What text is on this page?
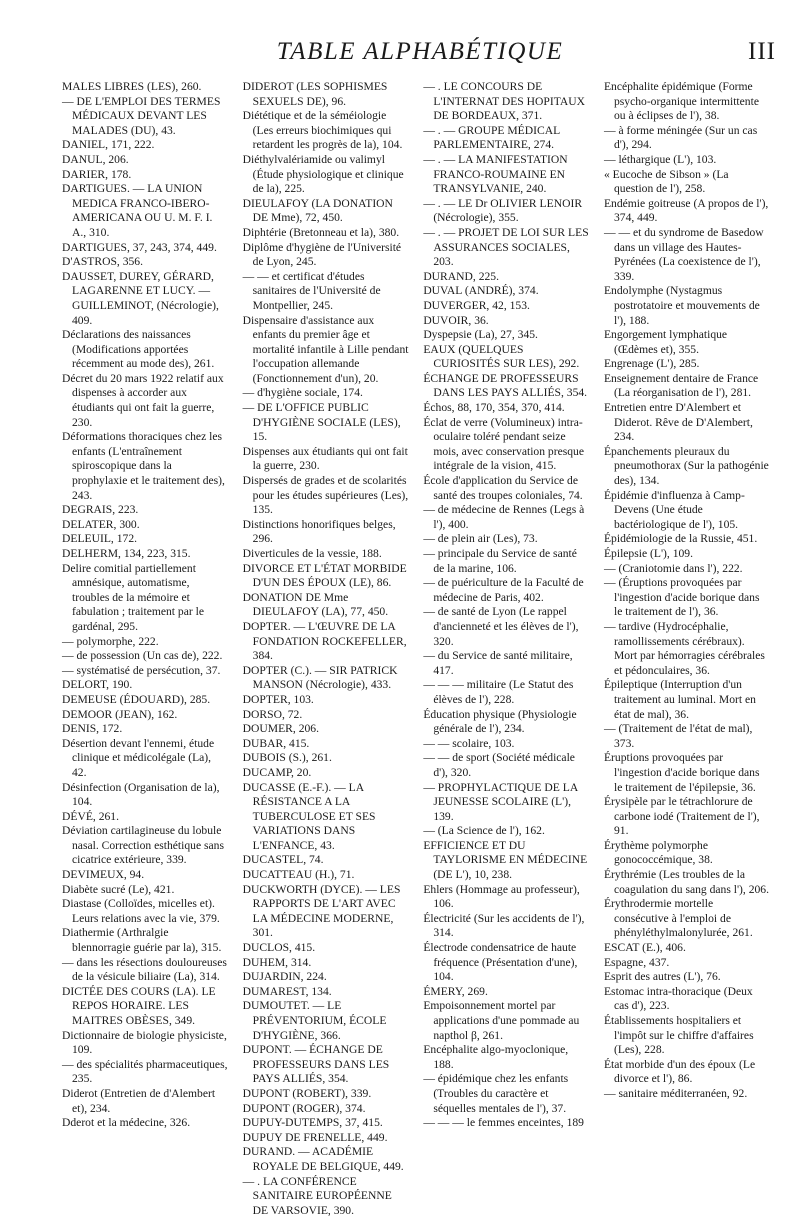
TABLE ALPHABÉTIQUE	III

MALES LIBRES (LES), 260.

— DE L'EMPLOI DES TERMES MÉDICAUX DEVANT LES MALADES (DU), 43.

DANIEL, 171, 222.

DANUL, 206.

DARIER, 178.

DARTIGUES. — LA UNION MEDICA FRANCO-IBERO-AMERICANA OU U. M. F. I. A., 310.

DARTIGUES, 37, 243, 374, 449.

D'ASTROS, 356.

DAUSSET, DUREY, GÉRARD, LAGARENNE ET LUCY. — GUILLEMINOT, (Nécrologie), 409.

Déclarations des naissances (Modifications apportées récemment au mode des), 261.

Décret du 20 mars 1922 relatif aux dispenses à accorder aux étudiants qui ont fait la guerre, 230.

Déformations thoraciques chez les enfants (L'entraînement spiroscopique dans la prophylaxie et le traitement des), 243.

DEGRAIS, 223.

DELATER, 300.

DELEUIL, 172.

DELHERM, 134, 223, 315.

Delire comitial partiellement amnésique, automatisme, troubles de la mémoire et fabulation ; traitement par le gardénal, 295.

— polymorphe, 222.

— de possession (Un cas de), 222.

— systématisé de persécution, 37.

DELORT, 190.

DEMEUSE (ÉDOUARD), 285.

DEMOOR (JEAN), 162.

DENIS, 172.

Désertion devant l'ennemi, étude clinique et médicolégale (La), 42.

Désinfection (Organisation de la), 104.

DÉVÉ, 261.

Déviation cartilagineuse du lobule nasal. Correction esthétique sans cicatrice extérieure, 339.

DEVIMEUX, 94.

Diabète sucré (Le), 421.

Diastase (Colloïdes, micelles et). Leurs relations avec la vie, 379.

Diathermie (Arthralgie blennorragie guérie par la), 315.

— dans les résections douloureuses de la vésicule biliaire (La), 314.

DICTÉE DES COURS (LA). LE REPOS HORAIRE. LES MAITRES OBÈSES, 349.

Dictionnaire de biologie physiciste, 109.

— des spécialités pharmaceutiques, 235.

Diderot (Entretien de d'Alembert et), 234.

Dderot et la médecine, 326.

DIDEROT (LES SOPHISMES SEXUELS DE), 96.

Diététique et de la séméiologie (Les erreurs biochimiques qui retardent les progrès de la), 104.

Diéthylvalériamide ou valimyl (Étude physiologique et clinique de la), 225.

DIEULAFOY (LA DONATION DE Mme), 72, 450.

Diphtérie (Bretonneau et la), 380.

Diplôme d'hygiène de l'Université de Lyon, 245.

— — et certificat d'études sanitaires de l'Université de Montpellier, 245.

Dispensaire d'assistance aux enfants du premier âge et mortalité infantile à Lille pendant l'occupation allemande (Fonctionnement d'un), 20.

— d'hygiène sociale, 174.

— DE L'OFFICE PUBLIC D'HYGIÈNE SOCIALE (LES), 15.

Dispenses aux étudiants qui ont fait la guerre, 230.

Dispersés de grades et de scolarités pour les études supérieures (Les), 135.

Distinctions honorifiques belges, 296.

Diverticules de la vessie, 188.

DIVORCE ET L'ÉTAT MORBIDE D'UN DES ÉPOUX (LE), 86.

DONATION DE Mme DIEULAFOY (LA), 77, 450.

DOPTER. — L'ŒUVRE DE LA FONDATION ROCKEFELLER, 384.

DOPTER (C.). — SIR PATRICK MANSON (Nécrologie), 433.

DOPTER, 103.

DORSO, 72.

DOUMER, 206.

DUBAR, 415.

DUBOIS (S.), 261.

DUCAMP, 20.

DUCASSE (E.-F.). — LA RÉSISTANCE A LA TUBERCULOSE ET SES VARIATIONS DANS L'ENFANCE, 43.

DUCASTEL, 74.

DUCATTEAU (H.), 71.

DUCKWORTH (DYCE). — LES RAPPORTS DE L'ART AVEC LA MÉDECINE MODERNE, 301.

DUCLOS, 415.

DUHEM, 314.

DUJARDIN, 224.

DUMAREST, 134.

DUMOUTET. — LE PRÉVENTORIUM, ÉCOLE D'HYGIÈNE, 366.

DUPONT. — ÉCHANGE DE PROFESSEURS DANS LES PAYS ALLIÉS, 354.

DUPONT (ROBERT), 339.

DUPONT (ROGER), 374.

DUPUY-DUTEMPS, 37, 415.

DUPUY DE FRENELLE, 449.

DURAND. — ACADÉMIE ROYALE DE BELGIQUE, 449.

— . LA CONFÉRENCE SANITAIRE EUROPÉENNE DE VARSOVIE, 390.

— . LE CONCOURS DE L'INTERNAT DES HOPITAUX DE BORDEAUX, 371.

— . — GROUPE MÉDICAL PARLEMENTAIRE, 274.

— . — LA MANIFESTATION FRANCO-ROUMAINE EN TRANSYLVANIE, 240.

— . — LE Dr OLIVIER LENOIR (Nécrologie), 355.

— . — PROJET DE LOI SUR LES ASSURANCES SOCIALES, 203.

DURAND, 225.

DUVAL (ANDRÉ), 374.

DUVERGER, 42, 153.

DUVOIR, 36.

Dyspepsie (La), 27, 345.

EAUX (QUELQUES CURIOSITÉS SUR LES), 292.

ÉCHANGE DE PROFESSEURS DANS LES PAYS ALLIÉS, 354.

Échos, 88, 170, 354, 370, 414.

Éclat de verre (Volumineux) intra-oculaire toléré pendant seize mois, avec conservation presque intégrale de la vision, 415.

École d'application du Service de santé des troupes coloniales, 74.

— de médecine de Rennes (Legs à l'), 400.

— de plein air (Les), 73.

— principale du Service de santé de la marine, 106.

— de puériculture de la Faculté de médecine de Paris, 402.

— de santé de Lyon (Le rappel d'ancienneté et les élèves de l'), 320.

— du Service de santé militaire, 417.

— — — militaire (Le Statut des élèves de l'), 228.

Éducation physique (Physiologie générale de l'), 234.

— — scolaire, 103.

— — de sport (Société médicale d'), 320.

— PROPHYLACTIQUE DE LA JEUNESSE SCOLAIRE (L'), 139.

— (La Science de l'), 162.

EFFICIENCE ET DU TAYLORISME EN MÉDECINE (DE L'), 10, 238.

Ehlers (Hommage au professeur), 106.

Électricité (Sur les accidents de l'), 314.

Électrode condensatrice de haute fréquence (Présentation d'une), 104.

ÉMERY, 269.

Empoisonnement mortel par applications d'une pommade au napthol β, 261.

Encéphalite algo-myoclonique, 188.

— épidémique chez les enfants (Troubles du caractère et séquelles mentales de l'), 37.

— — — le femmes enceintes, 189

Encéphalite épidémique (Forme psycho-organique intermittente ou à éclipses de l'), 38.

— à forme méningée (Sur un cas d'), 294.

— léthargique (L'), 103.

« Eucoche de Sibson » (La question de l'), 258.

Endémie goitreuse (A propos de l'), 374, 449.

— — et du syndrome de Basedow dans un village des Hautes-Pyrénées (La coexistence de l'), 339.

Endolymphe (Nystagmus postrotatoire et mouvements de l'), 188.

Engorgement lymphatique (Œdèmes et), 355.

Engrenage (L'), 285.

Enseignement dentaire de France (La réorganisation de l'), 281.

Entretien entre D'Alembert et Diderot. Rêve de D'Alembert, 234.

Épanchements pleuraux du pneumothorax (Sur la pathogénie des), 134.

Épidémie d'influenza à Camp-Devens (Une étude bactériologique de l'), 105.

Épidémiologie de la Russie, 451.

Épilepsie (L'), 109.

— (Craniotomie dans l'), 222.

— (Éruptions provoquées par l'ingestion d'acide borique dans le traitement de l'), 36.

— tardive (Hydrocéphalie, ramollissements cérébraux). Mort par hémorragies cérébrales et pédonculaires, 36.

Épileptique (Interruption d'un traitement au luminal. Mort en état de mal), 36.

— (Traitement de l'état de mal), 373.

Éruptions provoquées par l'ingestion d'acide borique dans le traitement de l'épilepsie, 36.

Érysipèle par le tétrachlorure de carbone iodé (Traitement de l'), 91.

Érythème polymorphe gonococcémique, 38.

Érythrémie (Les troubles de la coagulation du sang dans l'), 206.

Érythrodermie mortelle consécutive à l'emploi de phényléthylmalonylurée, 261.

ESCAT (E.), 406.

Espagne, 437.

Esprit des autres (L'), 76.

Estomac intra-thoracique (Deux cas d'), 223.

Établissements hospitaliers et l'impôt sur le chiffre d'affaires (Les), 228.

État morbide d'un des époux (Le divorce et l'), 86.

— sanitaire méditerranéen, 92.
